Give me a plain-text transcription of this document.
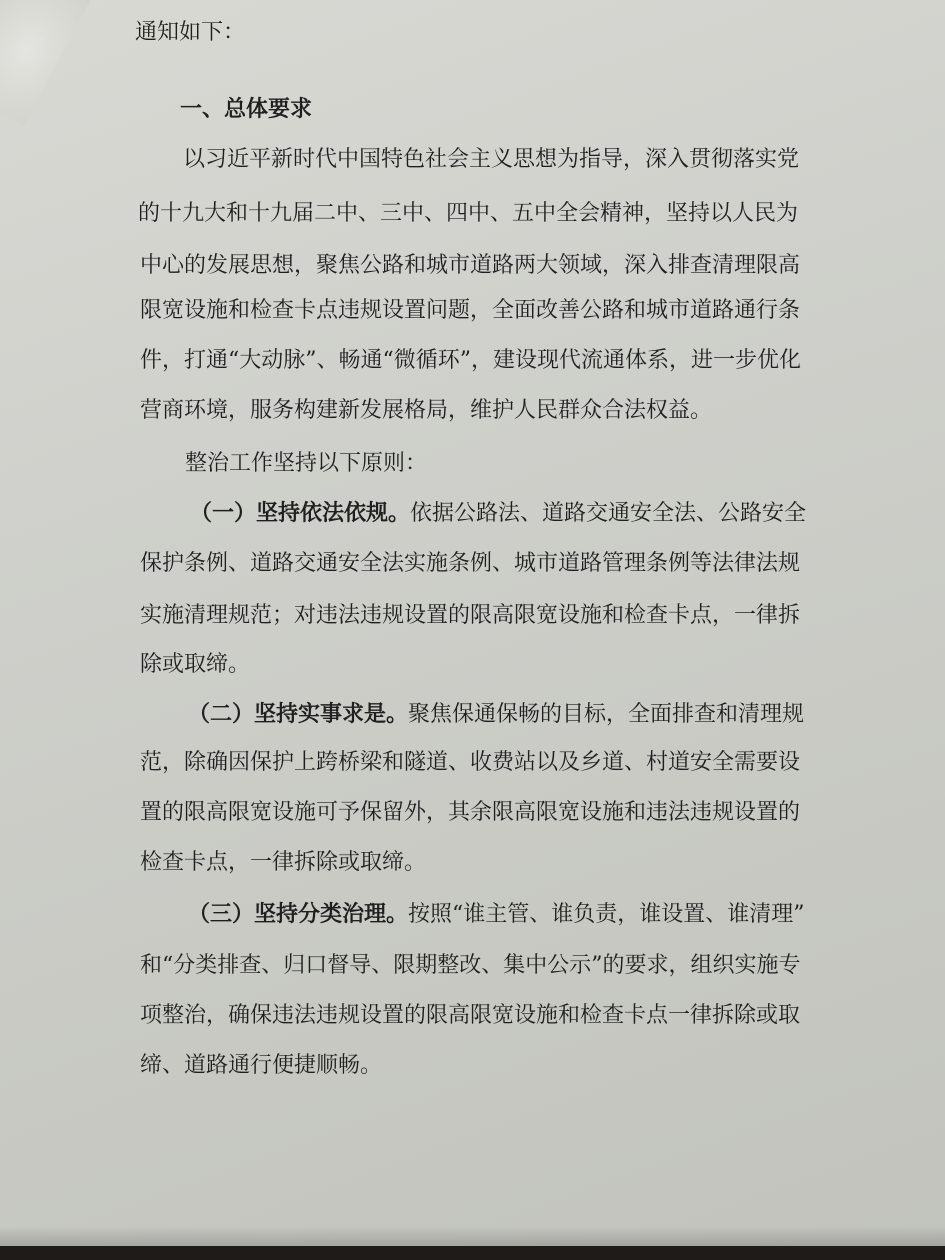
通知如下：
一、总体要求
以习近平新时代中国特色社会主义思想为指导，深入贯彻落实党
的十九大和十九届二中、三中、四中、五中全会精神，坚持以人民为
中心的发展思想，聚焦公路和城市道路两大领域，深入排查清理限高
限宽设施和检查卡点违规设置问题，全面改善公路和城市道路通行条
件，打通“大动脉”、畅通“微循环”，建设现代流通体系，进一步优化
营商环境，服务构建新发展格局，维护人民群众合法权益。
整治工作坚持以下原则：
（一）坚持依法依规。依据公路法、道路交通安全法、公路安全
保护条例、道路交通安全法实施条例、城市道路管理条例等法律法规
实施清理规范；对违法违规设置的限高限宽设施和检查卡点，一律拆
除或取缔。
（二）坚持实事求是。聚焦保通保畅的目标，全面排查和清理规
范，除确因保护上跨桥梁和隧道、收费站以及乡道、村道安全需要设
置的限高限宽设施可予保留外，其余限高限宽设施和违法违规设置的
检查卡点，一律拆除或取缔。
（三）坚持分类治理。按照“谁主管、谁负责，谁设置、谁清理”
和“分类排查、归口督导、限期整改、集中公示”的要求，组织实施专
项整治，确保违法违规设置的限高限宽设施和检查卡点一律拆除或取
缔、道路通行便捷顺畅。
